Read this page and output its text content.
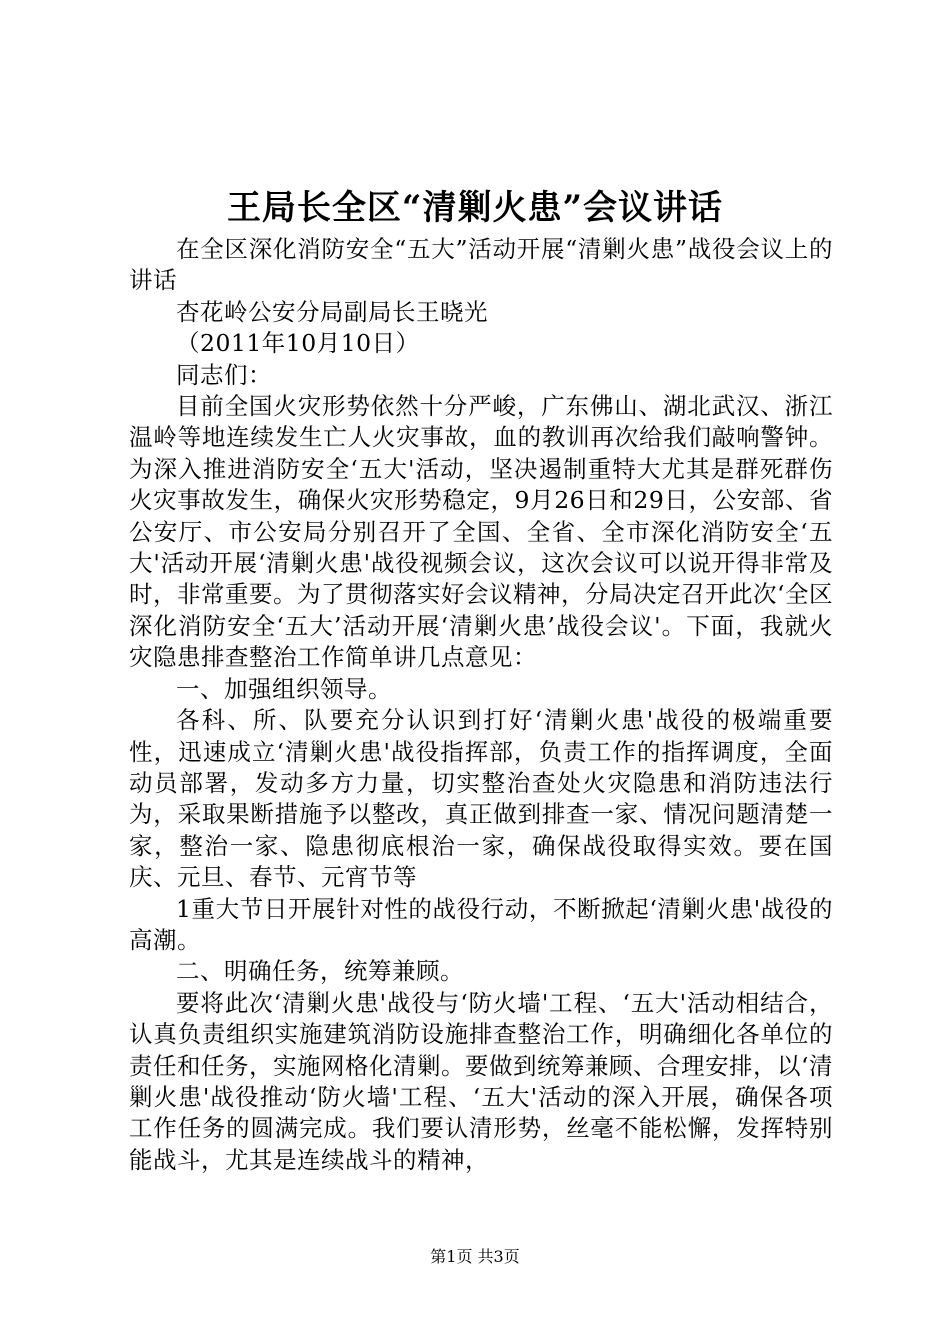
王局长全区“清剿火患”会议讲话

在全区深化消防安全“五大”活动开展“清剿火患”战役会议上的讲话

杏花岭公安分局副局长王晓光

（2011年10月10日）

同志们：

目前全国火灾形势依然十分严峻，广东佛山、湖北武汉、浙江温岭等地连续发生亡人火灾事故，血的教训再次给我们敲响警钟。为深入推进消防安全‘五大'活动，坚决遏制重特大尤其是群死群伤火灾事故发生，确保火灾形势稳定，9月26日和29日，公安部、省公安厅、市公安局分别召开了全国、全省、全市深化消防安全‘五大'活动开展‘清剿火患'战役视频会议，这次会议可以说开得非常及时，非常重要。为了贯彻落实好会议精神，分局决定召开此次‘全区深化消防安全‘五大’活动开展‘清剿火患’战役会议'。下面，我就火灾隐患排查整治工作简单讲几点意见：

一、加强组织领导。

各科、所、队要充分认识到打好‘清剿火患'战役的极端重要性，迅速成立‘清剿火患'战役指挥部，负责工作的指挥调度，全面动员部署，发动多方力量，切实整治查处火灾隐患和消防违法行为，采取果断措施予以整改，真正做到排查一家、情况问题清楚一家，整治一家、隐患彻底根治一家，确保战役取得实效。要在国庆、元旦、春节、元宵节等

1重大节日开展针对性的战役行动，不断掀起‘清剿火患'战役的高潮。

二、明确任务，统筹兼顾。

要将此次‘清剿火患'战役与‘防火墙'工程、‘五大'活动相结合，认真负责组织实施建筑消防设施排查整治工作，明确细化各单位的责任和任务，实施网格化清剿。要做到统筹兼顾、合理安排，以‘清剿火患'战役推动‘防火墙'工程、‘五大'活动的深入开展，确保各项工作任务的圆满完成。我们要认清形势，丝毫不能松懈，发挥特别能战斗，尤其是连续战斗的精神，

第1页 共3页
